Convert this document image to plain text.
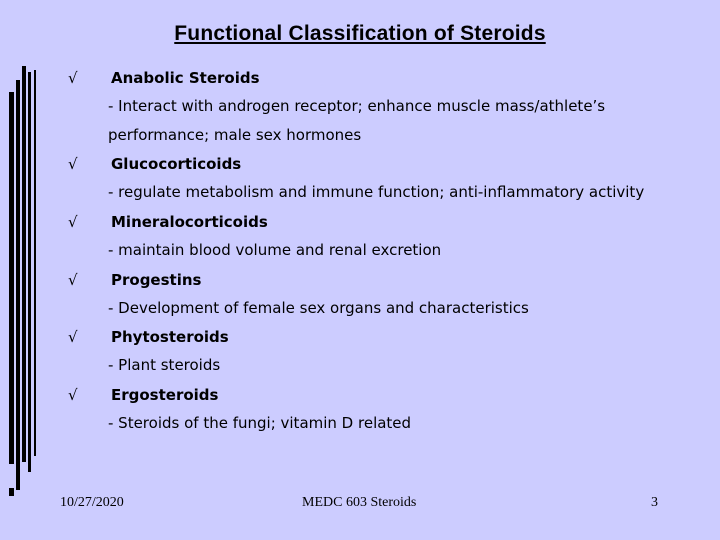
Functional Classification of Steroids
√ Anabolic Steroids
- Interact with androgen receptor; enhance muscle mass/athlete’s performance; male sex hormones
√ Glucocorticoids
- regulate metabolism and immune function; anti-inflammatory activity
√ Mineralocorticoids
- maintain blood volume and renal excretion
√ Progestins
- Development of female sex organs and characteristics
√ Phytosteroids
- Plant steroids
√ Ergosteroids
- Steroids of the fungi; vitamin D related
10/27/2020	MEDC 603 Steroids	3
